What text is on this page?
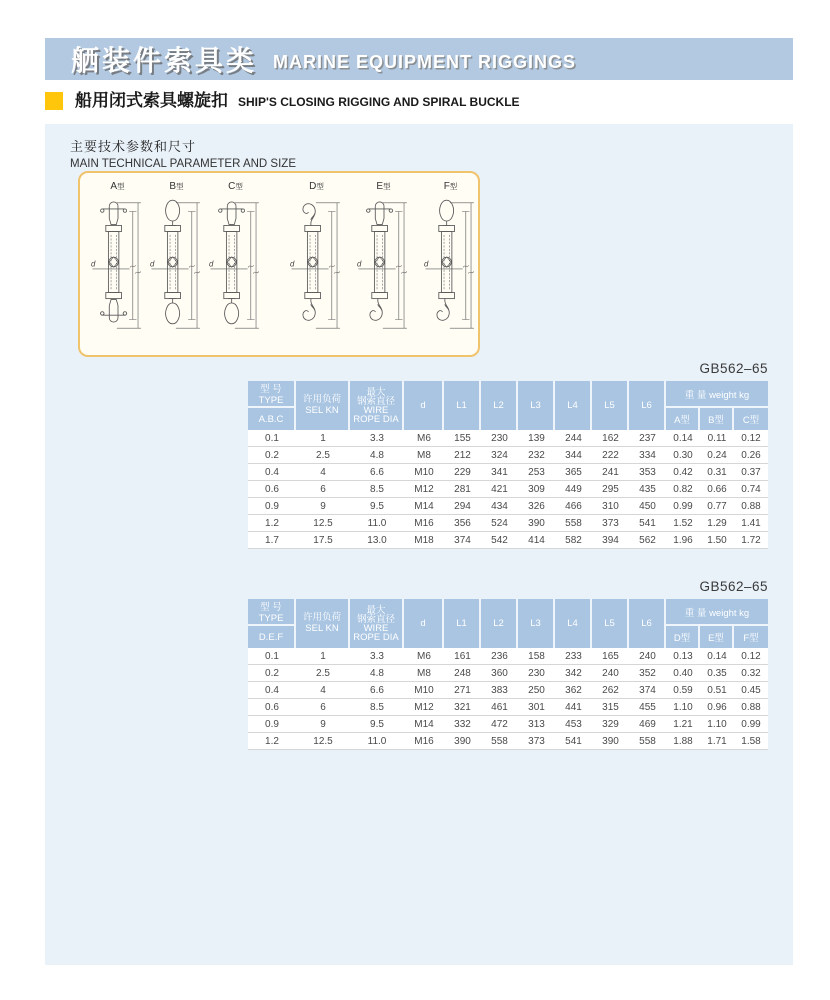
舾装件索具类 MARINE EQUIPMENT RIGGINGS
船用闭式索具螺旋扣 SHIP'S CLOSING RIGGING AND SPIRAL BUCKLE
主要技术参数和尺寸
MAIN TECHNICAL PARAMETER AND SIZE
A型
d
B型
d
C型
d
D型
d
E型
d
F型
d
GB562–65
型 号 TYPE	许用负荷
SEL KN

最大
钢索直径
WIRE
ROPE DIA
	d	L1	L2	L3	L4	L5	L6	重 量 weight kg
A.B.C										A型	B型	C型
0.1	1	3.3	M6	155	230	139	244	162	237	0.14	0.11	0.12
0.2	2.5	4.8	M8	212	324	232	344	222	334	0.30	0.24	0.26
0.4	4	6.6	M10	229	341	253	365	241	353	0.42	0.31	0.37
0.6	6	8.5	M12	281	421	309	449	295	435	0.82	0.66	0.74
0.9	9	9.5	M14	294	434	326	466	310	450	0.99	0.77	0.88
1.2	12.5	11.0	M16	356	524	390	558	373	541	1.52	1.29	1.41
1.7	17.5	13.0	M18	374	542	414	582	394	562	1.96	1.50	1.72
GB562–65
型 号 TYPE	许用负荷
SEL KN

最大
钢索直径
WIRE
ROPE DIA
	d	L1	L2	L3	L4	L5	L6	重 量 weight kg
D.E.F										D型	E型	F型
0.1	1	3.3	M6	161	236	158	233	165	240	0.13	0.14	0.12
0.2	2.5	4.8	M8	248	360	230	342	240	352	0.40	0.35	0.32
0.4	4	6.6	M10	271	383	250	362	262	374	0.59	0.51	0.45
0.6	6	8.5	M12	321	461	301	441	315	455	1.10	0.96	0.88
0.9	9	9.5	M14	332	472	313	453	329	469	1.21	1.10	0.99
1.2	12.5	11.0	M16	390	558	373	541	390	558	1.88	1.71	1.58
